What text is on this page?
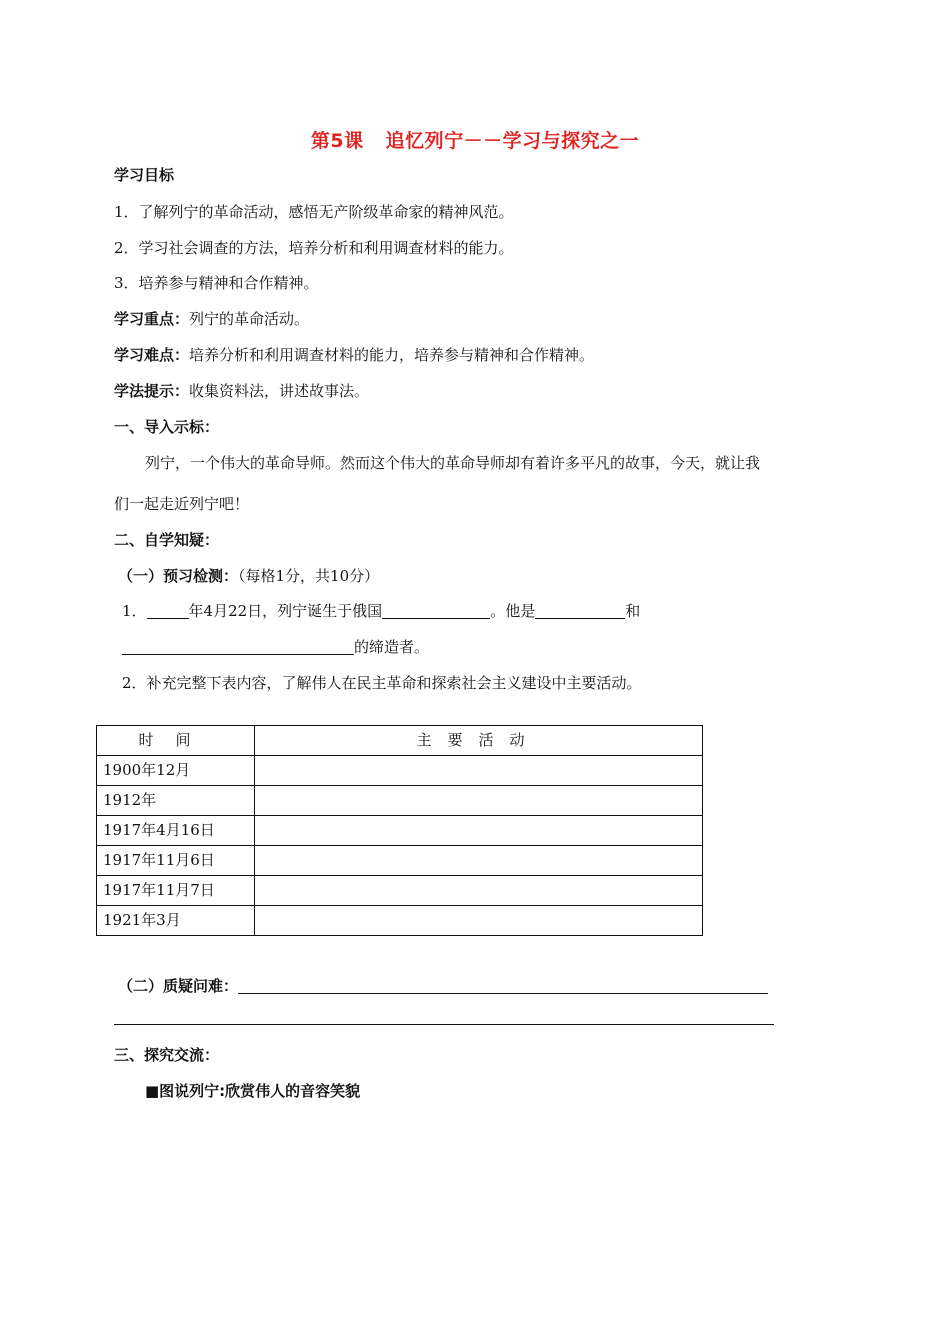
第5课 追忆列宁－－学习与探究之一
学习目标
1．了解列宁的革命活动，感悟无产阶级革命家的精神风范。
2．学习社会调查的方法，培养分析和利用调查材料的能力。
3．培养参与精神和合作精神。
学习重点：列宁的革命活动。
学习难点：培养分析和利用调查材料的能力，培养参与精神和合作精神。
学法提示：收集资料法，讲述故事法。
一、导入示标：
列宁，一个伟大的革命导师。然而这个伟大的革命导师却有着许多平凡的故事，今天，就让我
们一起走近列宁吧！
二、自学知疑：
（一）预习检测：（每格1分，共10分）
1．	年4月22日，列宁诞生于俄国	。他是	和
的缔造者。
2．补充完整下表内容，了解伟人在民主革命和探索社会主义建设中主要活动。
时间	主要活动
1900年12月	
1912年	
1917年4月16日	
1917年11月6日	
1917年11月7日	
1921年3月	
（二）质疑问难：
三、探究交流：
■图说列宁:欣赏伟人的音容笑貌
